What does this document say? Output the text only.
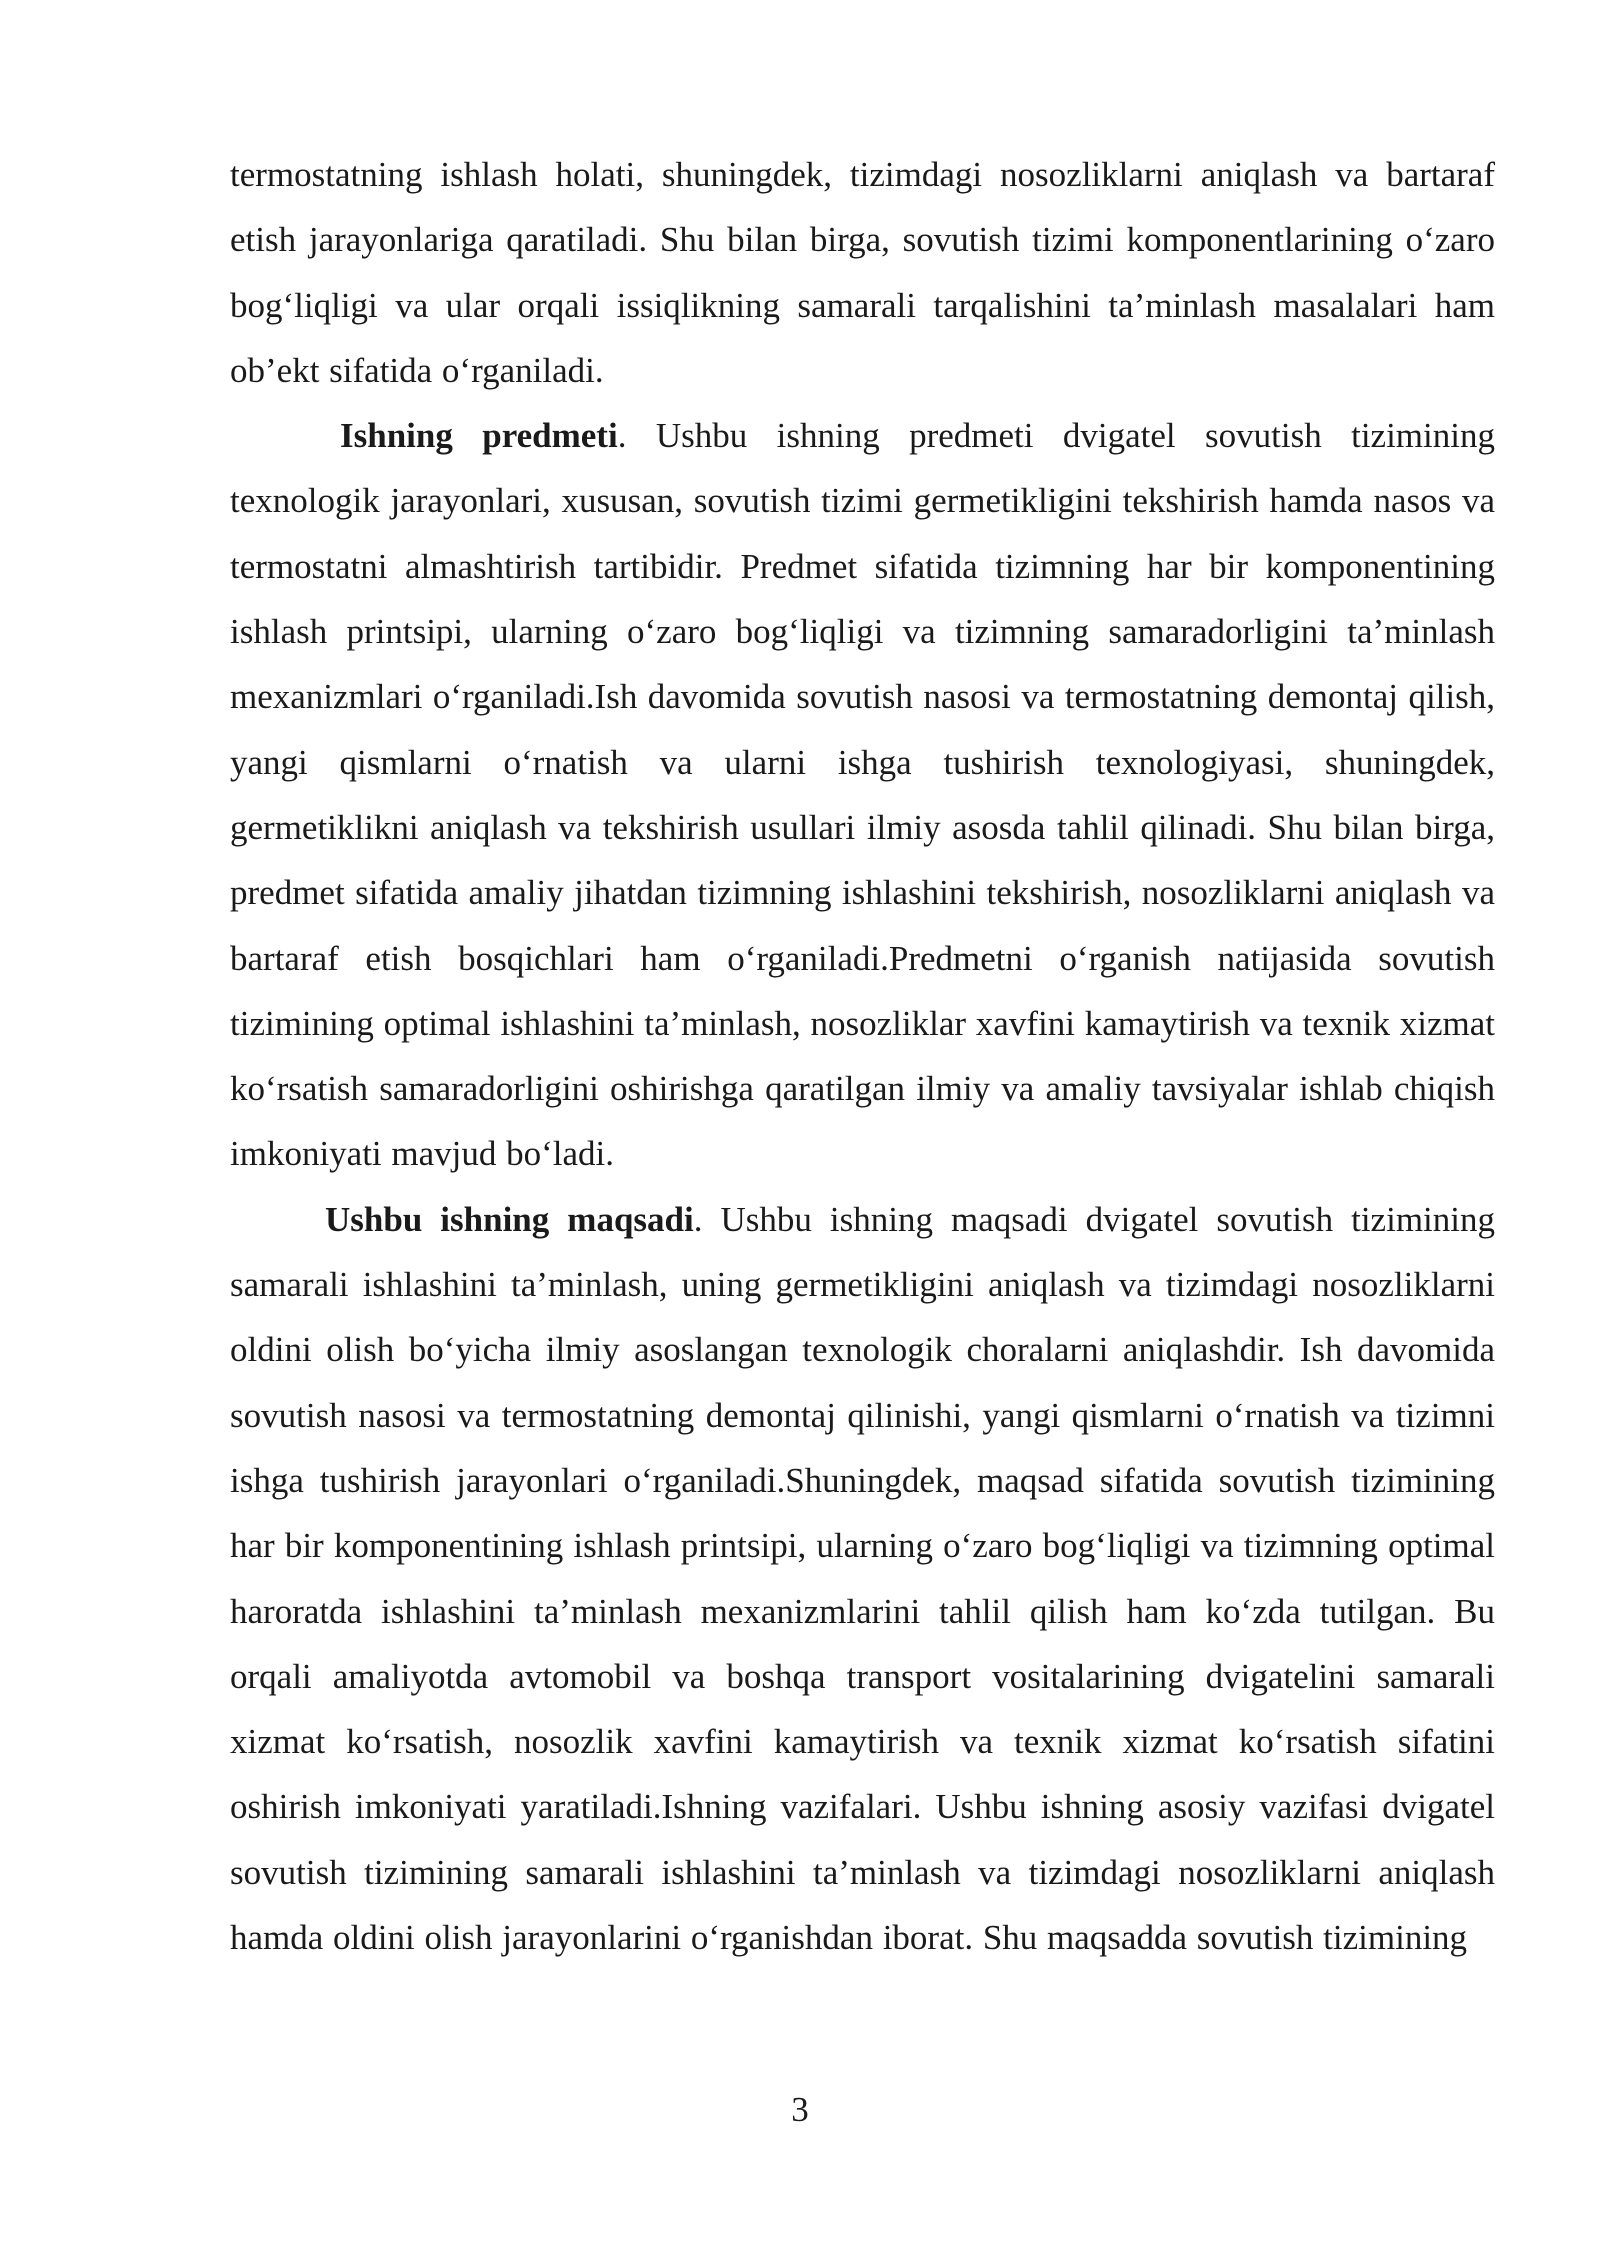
termostatning ishlash holati, shuningdek, tizimdagi nosozliklarni aniqlash va bartaraf etish jarayonlariga qaratiladi. Shu bilan birga, sovutish tizimi komponentlarining o‘zaro bog‘liqligi va ular orqali issiqlikning samarali tarqalishini ta’minlash masalalari ham ob’ekt sifatida o‘rganiladi.

Ishning predmeti. Ushbu ishning predmeti dvigatel sovutish tizimining texnologik jarayonlari, xususan, sovutish tizimi germetikligini tekshirish hamda nasos va termostatni almashtirish tartibidir. Predmet sifatida tizimning har bir komponentining ishlash printsipi, ularning o‘zaro bog‘liqligi va tizimning samaradorligini ta’minlash mexanizmlari o‘rganiladi.Ish davomida sovutish nasosi va termostatning demontaj qilish, yangi qismlarni o‘rnatish va ularni ishga tushirish texnologiyasi, shuningdek, germetiklikni aniqlash va tekshirish usullari ilmiy asosda tahlil qilinadi. Shu bilan birga, predmet sifatida amaliy jihatdan tizimning ishlashini tekshirish, nosozliklarni aniqlash va bartaraf etish bosqichlari ham o‘rganiladi.Predmetni o‘rganish natijasida sovutish tizimining optimal ishlashini ta’minlash, nosozliklar xavfini kamaytirish va texnik xizmat ko‘rsatish samaradorligini oshirishga qaratilgan ilmiy va amaliy tavsiyalar ishlab chiqish imkoniyati mavjud bo‘ladi.

Ushbu ishning maqsadi. Ushbu ishning maqsadi dvigatel sovutish tizimining samarali ishlashini ta’minlash, uning germetikligini aniqlash va tizimdagi nosozliklarni oldini olish bo‘yicha ilmiy asoslangan texnologik choralarni aniqlashdir. Ish davomida sovutish nasosi va termostatning demontaj qilinishi, yangi qismlarni o‘rnatish va tizimni ishga tushirish jarayonlari o‘rganiladi.Shuningdek, maqsad sifatida sovutish tizimining har bir komponentining ishlash printsipi, ularning o‘zaro bog‘liqligi va tizimning optimal haroratda ishlashini ta’minlash mexanizmlarini tahlil qilish ham ko‘zda tutilgan. Bu orqali amaliyotda avtomobil va boshqa transport vositalarining dvigatelini samarali xizmat ko‘rsatish, nosozlik xavfini kamaytirish va texnik xizmat ko‘rsatish sifatini oshirish imkoniyati yaratiladi.Ishning vazifalari. Ushbu ishning asosiy vazifasi dvigatel sovutish tizimining samarali ishlashini ta’minlash va tizimdagi nosozliklarni aniqlash hamda oldini olish jarayonlarini o‘rganishdan iborat. Shu maqsadda sovutish tizimining

3
